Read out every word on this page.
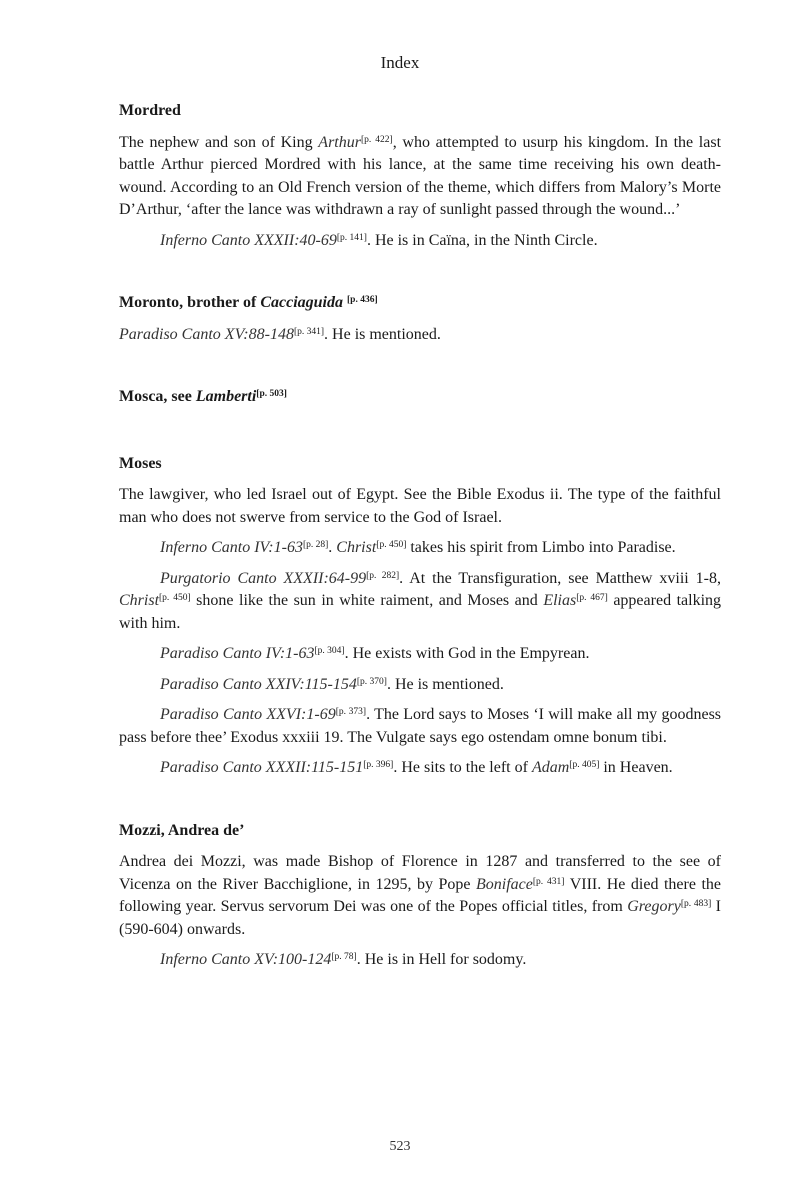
Index
Mordred
The nephew and son of King Arthur[p. 422], who attempted to usurp his kingdom. In the last battle Arthur pierced Mordred with his lance, at the same time receiving his own death-wound. According to an Old French version of the theme, which differs from Malory’s Morte D’Arthur, ‘after the lance was withdrawn a ray of sunlight passed through the wound...’
Inferno Canto XXXII:40-69[p. 141]. He is in Caïna, in the Ninth Circle.
Moronto, brother of Cacciaguida [p. 436]
Paradiso Canto XV:88-148[p. 341]. He is mentioned.
Mosca, see Lamberti[p. 503]
Moses
The lawgiver, who led Israel out of Egypt. See the Bible Exodus ii. The type of the faithful man who does not swerve from service to the God of Israel.
Inferno Canto IV:1-63[p. 28]. Christ[p. 450] takes his spirit from Limbo into Paradise.
Purgatorio Canto XXXII:64-99[p. 282]. At the Transfiguration, see Matthew xviii 1-8, Christ[p. 450] shone like the sun in white raiment, and Moses and Elias[p. 467] appeared talking with him.
Paradiso Canto IV:1-63[p. 304]. He exists with God in the Empyrean.
Paradiso Canto XXIV:115-154[p. 370]. He is mentioned.
Paradiso Canto XXVI:1-69[p. 373]. The Lord says to Moses ‘I will make all my goodness pass before thee’ Exodus xxxiii 19. The Vulgate says ego ostendam omne bonum tibi.
Paradiso Canto XXXII:115-151[p. 396]. He sits to the left of Adam[p. 405] in Heaven.
Mozzi, Andrea de’
Andrea dei Mozzi, was made Bishop of Florence in 1287 and transferred to the see of Vicenza on the River Bacchiglione, in 1295, by Pope Boniface[p. 431] VIII. He died there the following year. Servus servorum Dei was one of the Popes official titles, from Gregory[p. 483] I (590-604) onwards.
Inferno Canto XV:100-124[p. 78]. He is in Hell for sodomy.
523
